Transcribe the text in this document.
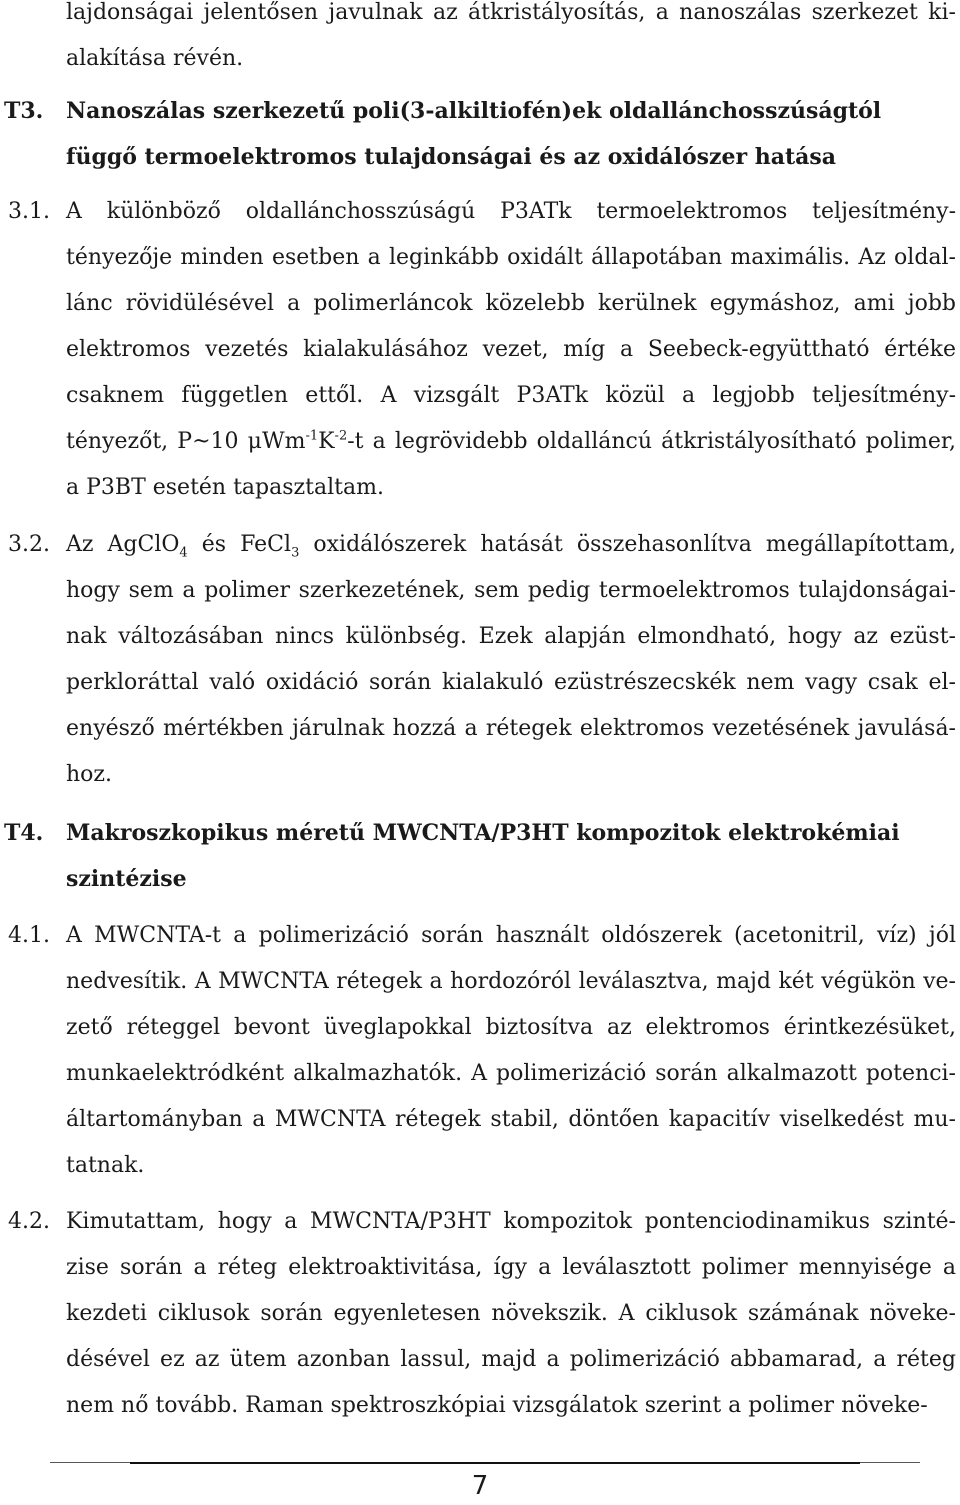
lajdonságai jelentősen javulnak az átkristályosítás, a nanoszálas szerkezet ki-alakítása révén.
T3. Nanoszálas szerkezetű poli(3-alkiltiofén)ek oldallánchosszúságtól függő termoelektromos tulajdonságai és az oxidálószer hatása
3.1. A különböző oldallánchosszúságú P3ATk termoelektromos teljesítmény-tényezője minden esetben a leginkább oxidált állapotában maximális. Az oldal-lánc rövidülésével a polimerláncok közelebb kerülnek egymáshoz, ami jobb elektromos vezetés kialakulásához vezet, míg a Seebeck-együttható értéke csaknem független ettől. A vizsgált P3ATk közül a legjobb teljesítmény-tényezőt, P~10 $\mu Wm^{-1}K^{-2}-t$ a legrövidebb oldalláncú átkristályosítható polimer, a P3BT esetén tapasztaltam.
3.2. Az AgClO$_4$ és FeCl$_3$ oxidálószerek hatását összehasonlítva megállapítottam, hogy sem a polimer szerkezetének, sem pedig termoelektromos tulajdonságai-nak változásában nincs különbség. Ezek alapján elmondható, hogy az ezüst-perkloráttal való oxidáció során kialakuló ezüstrészecskék nem vagy csak el-enyésző mértékben járulnak hozzá a rétegek elektromos vezetésének javulásá-hoz.
T4. Makroszkopikus méretű MWCNTA/P3HT kompozitok elektrokémiai szintézise
4.1. A MWCNTA-t a polimerizáció során használt oldószerek (acetonitril, víz) jól nedvesítik. A MWCNTA rétegek a hordozóról leválasztva, majd két végükön ve-zető réteggel bevont üveglapokkal biztosítva az elektromos érintkezésüket, munkaelektródként alkalmazhatók. A polimerizáció során alkalmazott potenci-áltartományban a MWCNTA rétegek stabil, döntően kapacitív viselkedést mu-tatnak.
4.2. Kimutattam, hogy a MWCNTA/P3HT kompozitok pontenciodinamikus szinté-zise során a réteg elektroaktivitása, így a leválasztott polimer mennyisége a kezdeti ciklusok során egyenletesen növekszik. A ciklusok számának növeke-désével ez az ütem azonban lassul, majd a polimerizáció abbamarad, a réteg nem nő tovább. Raman spektroszkópiai vizsgálatok szerint a polimer növeke-
7
